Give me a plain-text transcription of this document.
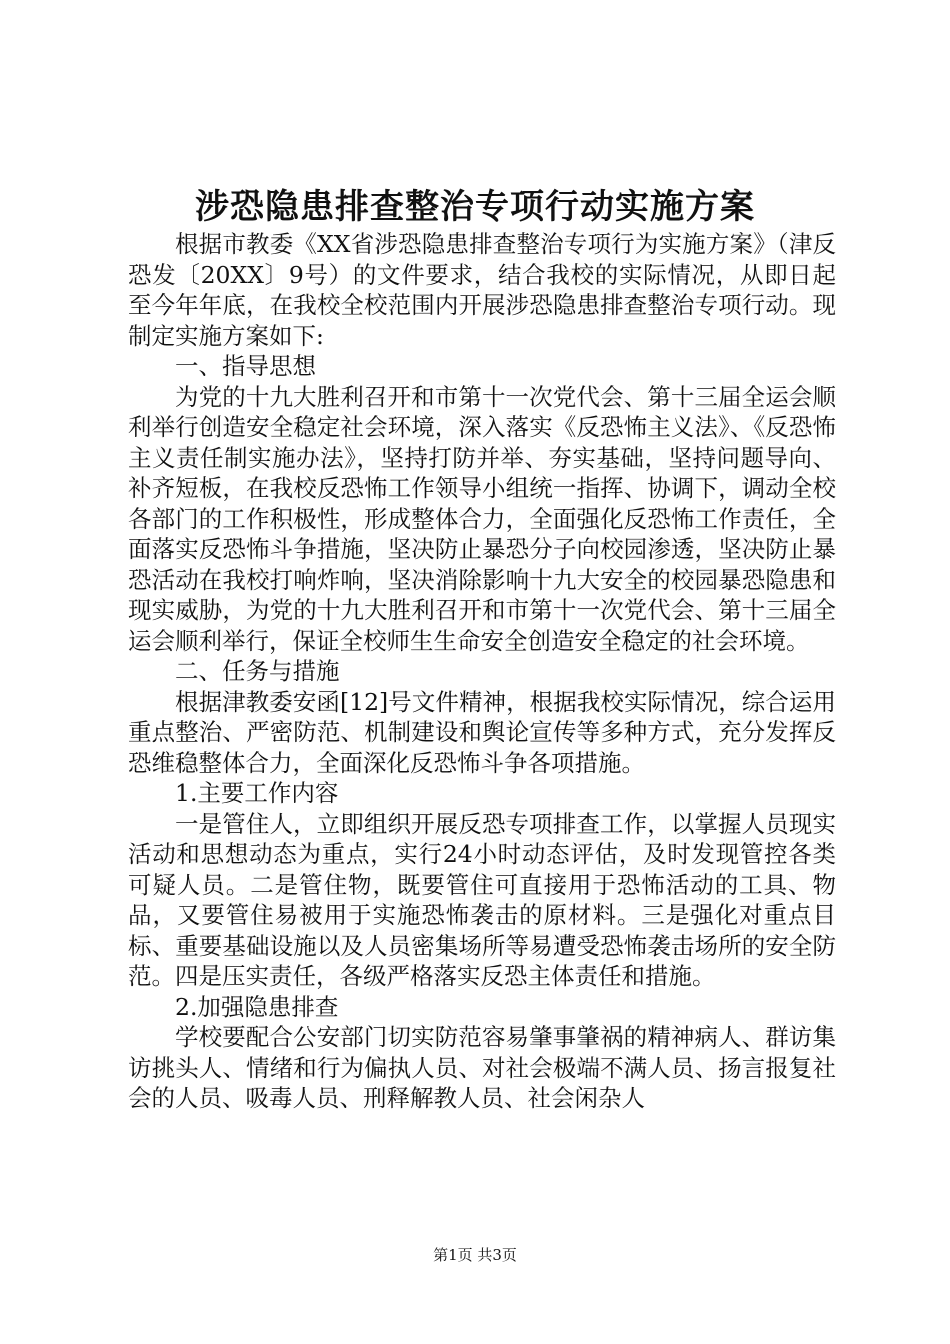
涉恐隐患排查整治专项行动实施方案

根据市教委《XX省涉恐隐患排查整治专项行为实施方案》（津反恐发〔20XX〕9号）的文件要求，结合我校的实际情况，从即日起至今年年底，在我校全校范围内开展涉恐隐患排查整治专项行动。现制定实施方案如下:

一、指导思想

为党的十九大胜利召开和市第十一次党代会、第十三届全运会顺利举行创造安全稳定社会环境，深入落实《反恐怖主义法》、《反恐怖主义责任制实施办法》，坚持打防并举、夯实基础，坚持问题导向、补齐短板，在我校反恐怖工作领导小组统一指挥、协调下，调动全校各部门的工作积极性，形成整体合力，全面强化反恐怖工作责任，全面落实反恐怖斗争措施，坚决防止暴恐分子向校园渗透，坚决防止暴恐活动在我校打响炸响，坚决消除影响十九大安全的校园暴恐隐患和现实威胁，为党的十九大胜利召开和市第十一次党代会、第十三届全运会顺利举行，保证全校师生生命安全创造安全稳定的社会环境。

二、任务与措施

根据津教委安函[12]号文件精神，根据我校实际情况，综合运用重点整治、严密防范、机制建设和舆论宣传等多种方式，充分发挥反恐维稳整体合力，全面深化反恐怖斗争各项措施。

1.主要工作内容

一是管住人，立即组织开展反恐专项排查工作，以掌握人员现实活动和思想动态为重点，实行24小时动态评估，及时发现管控各类可疑人员。二是管住物，既要管住可直接用于恐怖活动的工具、物品，又要管住易被用于实施恐怖袭击的原材料。三是强化对重点目标、重要基础设施以及人员密集场所等易遭受恐怖袭击场所的安全防范。四是压实责任，各级严格落实反恐主体责任和措施。

2.加强隐患排查

学校要配合公安部门切实防范容易肇事肇祸的精神病人、群访集访挑头人、情绪和行为偏执人员、对社会极端不满人员、扬言报复社会的人员、吸毒人员、刑释解教人员、社会闲杂人

第1页 共3页
